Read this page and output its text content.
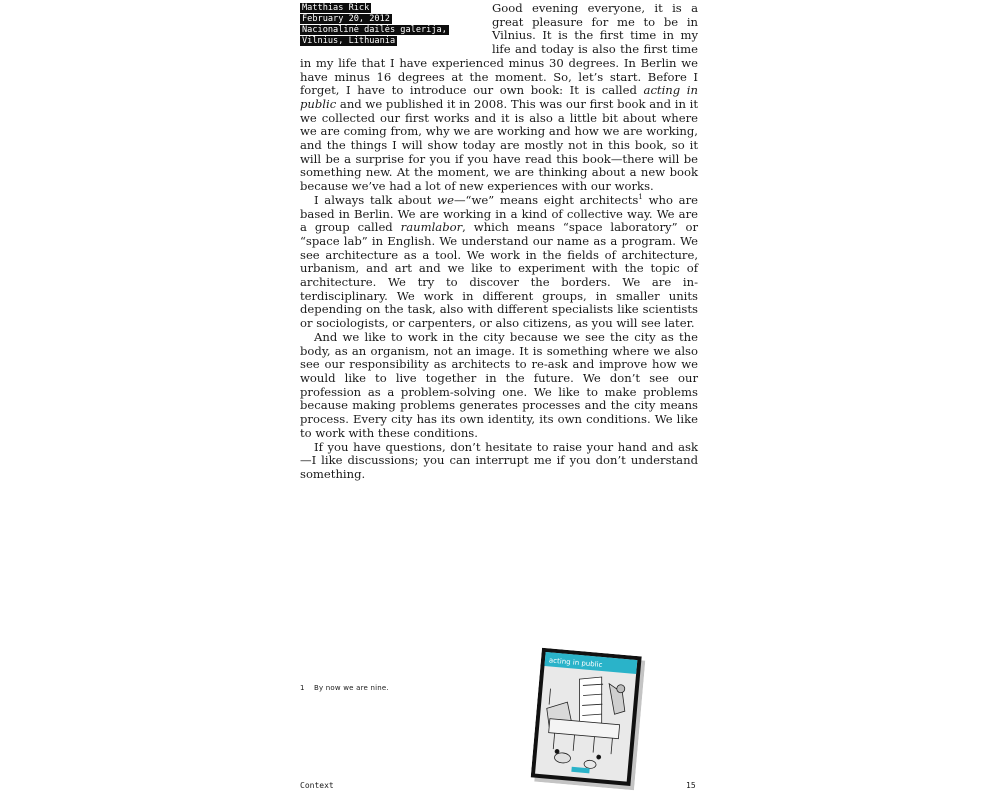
Matthias Rick
February 20, 2012
Nacionalinė dailės galerija,
Vilnius, Lithuania

Good evening everyone, it is a great pleasure for me to be in Vilnius. It is the first time in my life and today is also the first time in my life that I have experienced minus 30 degrees. In Berlin we have minus 16 degrees at the moment. So, let’s start. Before I forget, I have to introduce our own book: It is called acting in public and we published it in 2008. This was our first book and in it we collected our first works and it is also a little bit about where we are coming from, why we are working and how we are working, and the things I will show today are mostly not in this book, so it will be a surprise for you if you have read this book—there will be something new. At the moment, we are thinking about a new book because we’ve had a lot of new experiences with our works.

I always talk about we—“we” means eight architects$^1$ who are based in Berlin. We are working in a kind of collective way. We are a group called raumlabor, which means “space laboratory” or “space lab” in English. We understand our name as a program. We see architecture as a tool. We work in the fields of architecture, urbanism, and art and we like to experiment with the topic of architecture. We try to discover the borders. We are interdisciplinary. We work in different groups, in smaller units depending on the task, also with different specialists like scientists or sociologists, or carpenters, or also citizens, as you will see later.

And we like to work in the city because we see the city as the body, as an organism, not an image. It is something where we also see our responsibility as architects to re-ask and improve how we would like to live together in the future. We don’t see our profession as a problem-solving one. We like to make problems because making problems generates processes and the city means process. Every city has its own identity, its own conditions. We like to work with these conditions.

If you have questions, don’t hesitate to raise your hand and ask—I like discussions; you can interrupt me if you don’t understand something.

1 By now we are nine.
acting in public
Context	15
